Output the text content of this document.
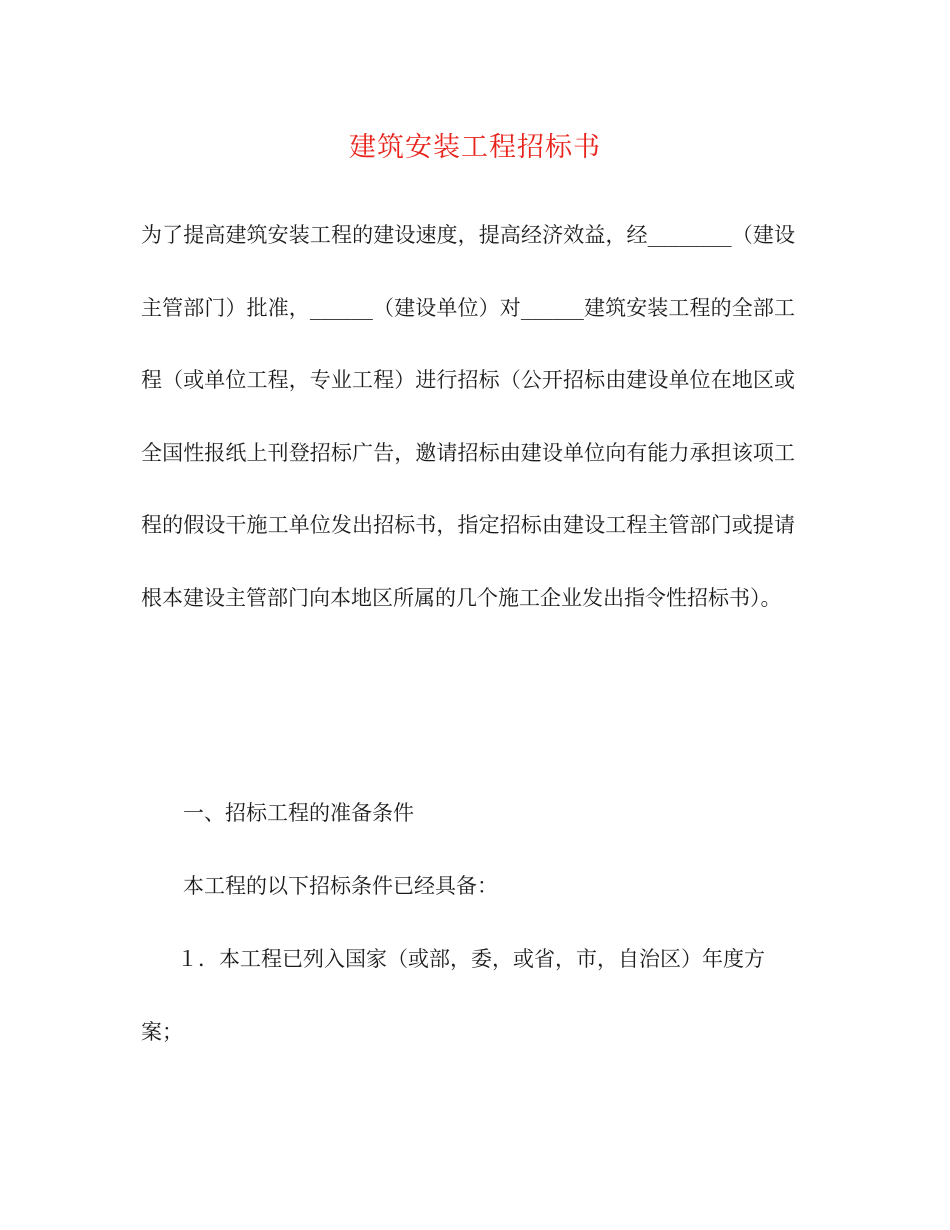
建筑安装工程招标书

为了提高建筑安装工程的建设速度，提高经济效益，经________（建设主管部门）批准，______（建设单位）对______建筑安装工程的全部工程（或单位工程，专业工程）进行招标（公开招标由建设单位在地区或全国性报纸上刊登招标广告，邀请招标由建设单位向有能力承担该项工程的假设干施工单位发出招标书，指定招标由建设工程主管部门或提请根本建设主管部门向本地区所属的几个施工企业发出指令性招标书）。

一、招标工程的准备条件

本工程的以下招标条件已经具备：

１．本工程已列入国家（或部，委，或省，市，自治区）年度方

案；
